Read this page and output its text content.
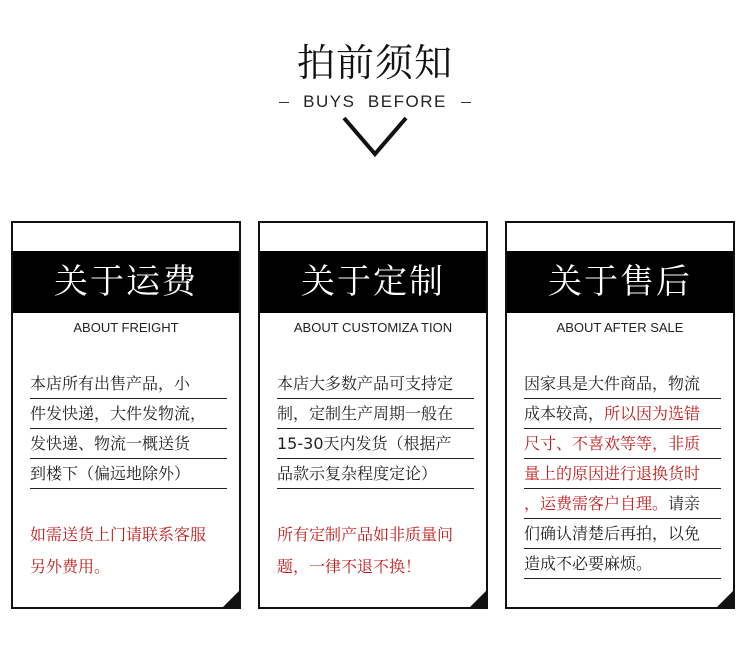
拍前须知
BUYS  BEFORE
关于运费
ABOUT FREIGHT
本店所有出售产品，小
件发快递，大件发物流，
发快递、物流一概送货
到楼下（偏远地除外）
如需送货上门请联系客服
另外费用。
关于定制
ABOUT CUSTOMIZA TION
本店大多数产品可支持定
制，定制生产周期一般在
15-30天内发货（根据产
品款示复杂程度定论）
所有定制产品如非质量问
题，一律不退不换！
关于售后
ABOUT AFTER SALE
因家具是大件商品，物流
成本较高，所以因为选错
尺寸、不喜欢等等，非质
量上的原因进行退换货时
，运费需客户自理。请亲
们确认清楚后再拍，以免
造成不必要麻烦。
